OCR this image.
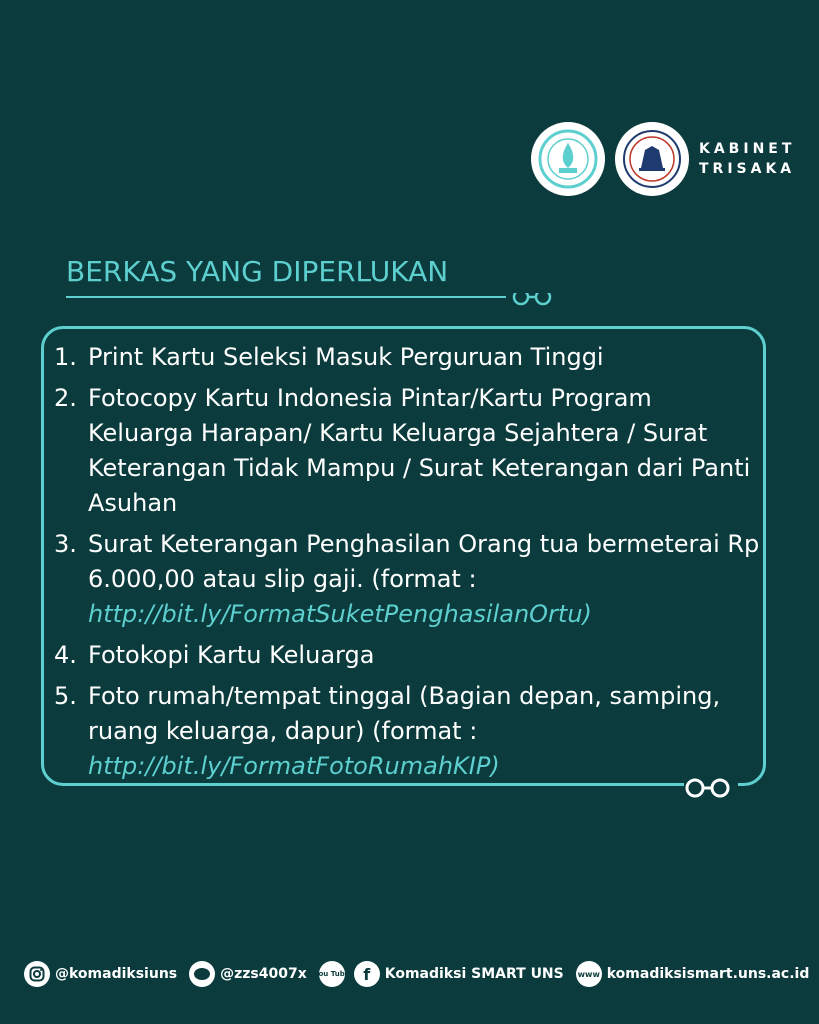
KABINET
TRISAKA
BERKAS YANG DIPERLUKAN
1. Print Kartu Seleksi Masuk Perguruan Tinggi
2. Fotocopy Kartu Indonesia Pintar/Kartu Program Keluarga Harapan/ Kartu Keluarga Sejahtera / Surat Keterangan Tidak Mampu / Surat Keterangan dari Panti Asuhan
3. Surat Keterangan Penghasilan Orang tua bermeterai Rp 6.000,00 atau slip gaji. (format :
http://bit.ly/FormatSuketPenghasilanOrtu)
4. Fotokopi Kartu Keluarga
5. Foto rumah/tempat tinggal (Bagian depan, samping, ruang keluarga, dapur) (format :
http://bit.ly/FormatFotoRumahKIP)
@komadiksiuns	@zzs4007x You Tube f	Komadiksi SMART UNS www komadiksismart.uns.ac.id
